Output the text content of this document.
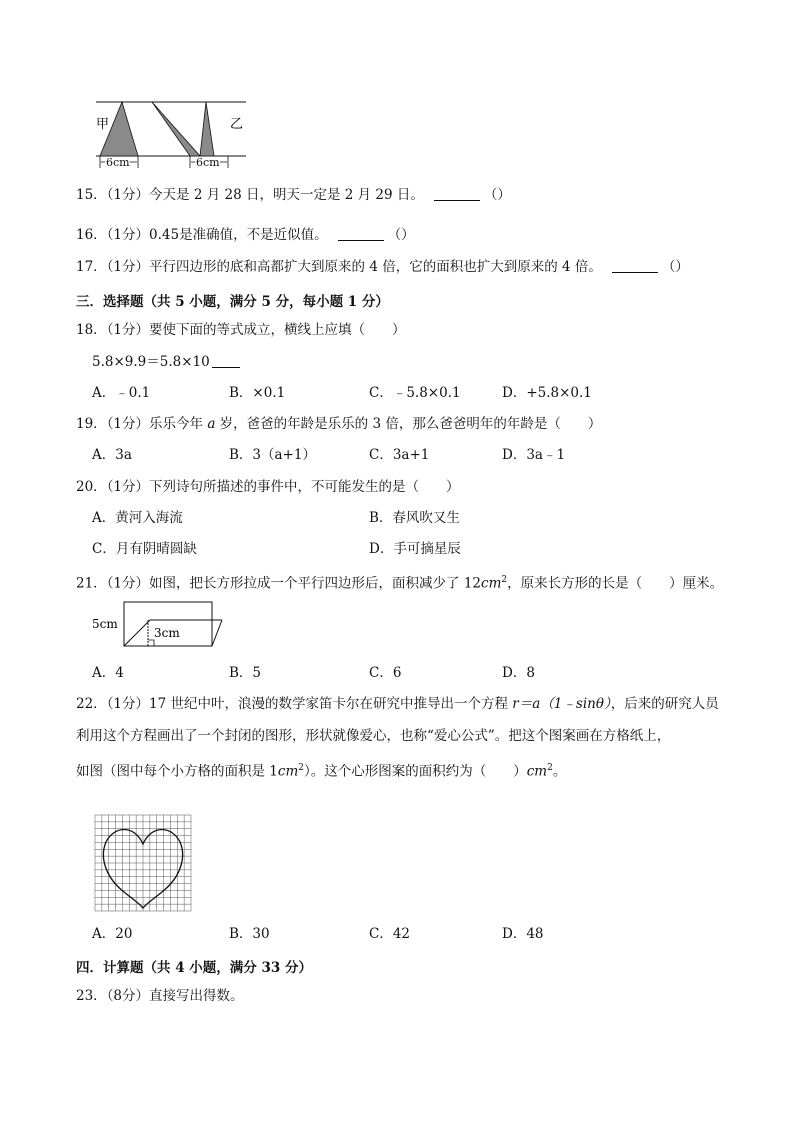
甲	乙
6cm	6cm
15．（1分）今天是 2 月 28 日，明天一定是 2 月 29 日。	（）
16．（1分）0.45是准确值，不是近似值。	（）
17．（1分）平行四边形的底和高都扩大到原来的 4 倍，它的面积也扩大到原来的 4 倍。	（）
三．选择题（共 5 小题，满分 5 分，每小题 1 分）
18．（1分）要使下面的等式成立，横线上应填（　　）
5.8×9.9＝5.8×10
A．﹣0.1	B．×0.1	C．﹣5.8×0.1	D．+5.8×0.1
19．（1分）乐乐今年 a 岁，爸爸的年龄是乐乐的 3 倍，那么爸爸明年的年龄是（　　）
A．3a	B．3（a+1）	C．3a+1	D．3a﹣1
20．（1分）下列诗句所描述的事件中，不可能发生的是（　　）
A．黄河入海流	B．春风吹又生
C．月有阴晴圆缺	D．手可摘星辰
21．（1分）如图，把长方形拉成一个平行四边形后，面积减少了 $12cm^2$，原来长方形的长是（　　）厘米。
5cm
3cm
A．4	B．5	C．6	D．8
22．（1分）17 世纪中叶，浪漫的数学家笛卡尔在研究中推导出一个方程 r＝a（1﹣sinθ），后来的研究人员
利用这个方程画出了一个封闭的图形，形状就像爱心，也称“爱心公式”。把这个图案画在方格纸上，
如图（图中每个小方格的面积是 $1cm^2$）。这个心形图案的面积约为（　　）$cm^2$。
A．20	B．30	C．42	D．48
四．计算题（共 4 小题，满分 33 分）
23．（8分）直接写出得数。
